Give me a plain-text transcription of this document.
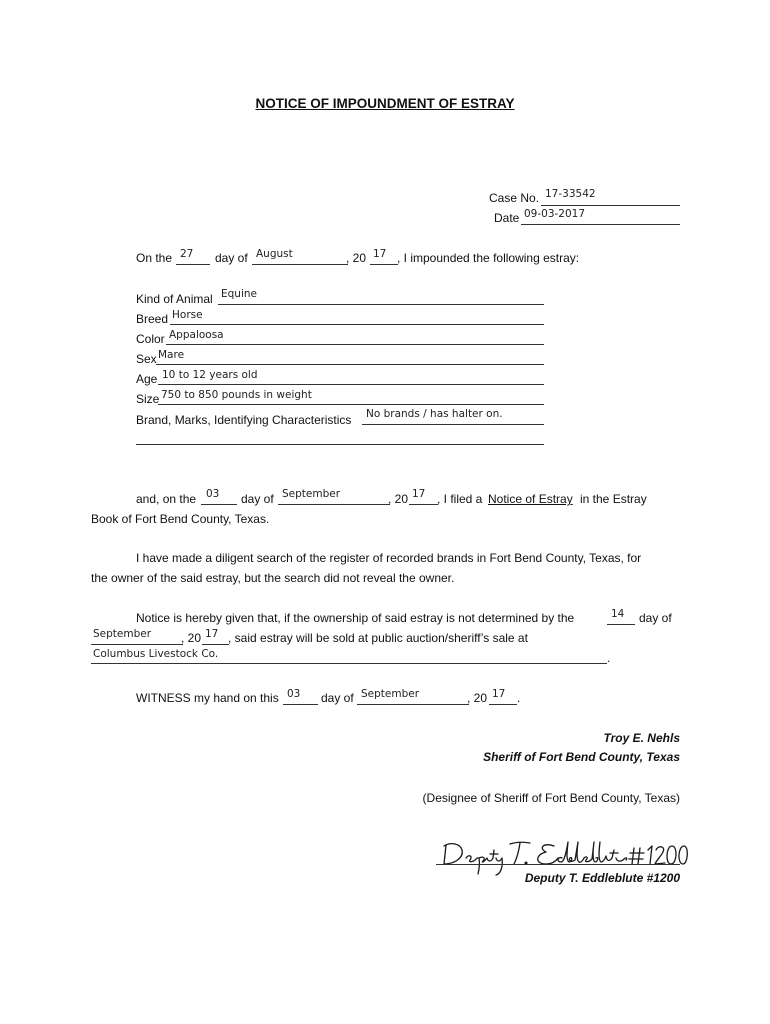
NOTICE OF IMPOUNDMENT OF ESTRAY
Case No. 17-33542
Date 09-03-2017
On the 27 day of August	, 20 17 , I impounded the following estray:
Kind of Animal Equine
Breed Horse
Color Appaloosa
Sex Mare
Age 10 to 12 years old
Size 750 to 850 pounds in weight
Brand, Marks, Identifying Characteristics No brands / has halter on.
and, on the 03 day of September	, 20 17 , I filed a Notice of Estray in the Estray
Book of Fort Bend County, Texas.
I have made a diligent search of the register of recorded brands in Fort Bend County, Texas, for
the owner of the said estray, but the search did not reveal the owner.
Notice is hereby given that, if the ownership of said estray is not determined by the	14 day of
September , 20 17 , said estray will be sold at public auction/sheriff’s sale at
Columbus Livestock Co.	.
WITNESS my hand on this 03 day of September	, 20 17 .
Troy E. Nehls
Sheriff of Fort Bend County, Texas
(Designee of Sheriff of Fort Bend County, Texas)
Deputy T. Eddleblute #1200
